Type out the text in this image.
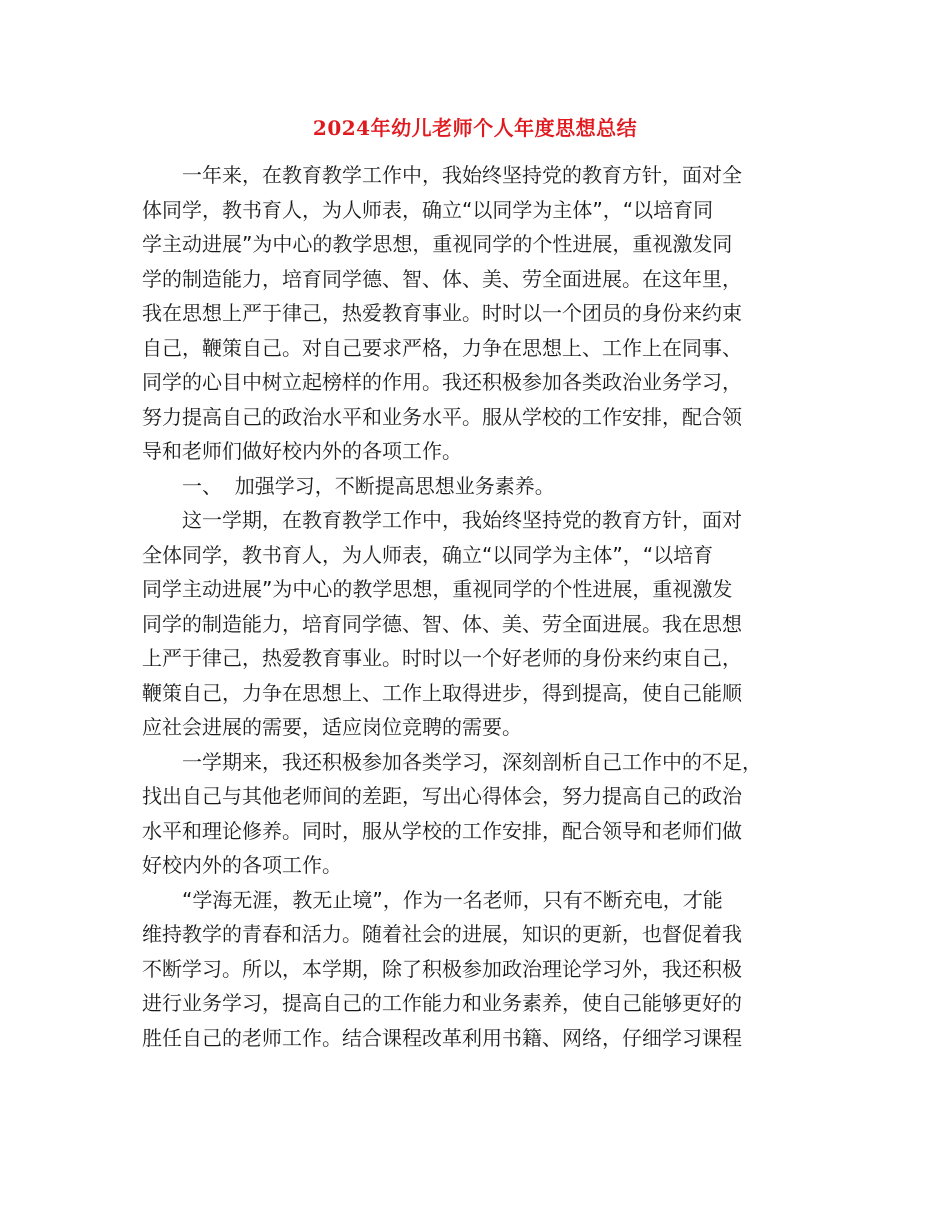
2024年幼儿老师个人年度思想总结

一年来，在教育教学工作中，我始终坚持党的教育方针，面对全
体同学，教书育人，为人师表，确立“以同学为主体”，“以培育同
学主动进展”为中心的教学思想，重视同学的个性进展，重视激发同
学的制造能力，培育同学德、智、体、美、劳全面进展。在这年里，
我在思想上严于律己，热爱教育事业。时时以一个团员的身份来约束
自己，鞭策自己。对自己要求严格，力争在思想上、工作上在同事、
同学的心目中树立起榜样的作用。我还积极参加各类政治业务学习，
努力提高自己的政治水平和业务水平。服从学校的工作安排，配合领
导和老师们做好校内外的各项工作。

一、  加强学习，不断提高思想业务素养。

这一学期，在教育教学工作中，我始终坚持党的教育方针，面对
全体同学，教书育人，为人师表，确立“以同学为主体”，“以培育
同学主动进展”为中心的教学思想，重视同学的个性进展，重视激发
同学的制造能力，培育同学德、智、体、美、劳全面进展。我在思想
上严于律己，热爱教育事业。时时以一个好老师的身份来约束自己，
鞭策自己，力争在思想上、工作上取得进步，得到提高，使自己能顺
应社会进展的需要，适应岗位竞聘的需要。

一学期来，我还积极参加各类学习，深刻剖析自己工作中的不足，
找出自己与其他老师间的差距，写出心得体会，努力提高自己的政治
水平和理论修养。同时，服从学校的工作安排，配合领导和老师们做
好校内外的各项工作。

“学海无涯，教无止境”，作为一名老师，只有不断充电，才能
维持教学的青春和活力。随着社会的进展，知识的更新，也督促着我
不断学习。所以，本学期，除了积极参加政治理论学习外，我还积极
进行业务学习，提高自己的工作能力和业务素养，使自己能够更好的
胜任自己的老师工作。结合课程改革利用书籍、网络，仔细学习课程
